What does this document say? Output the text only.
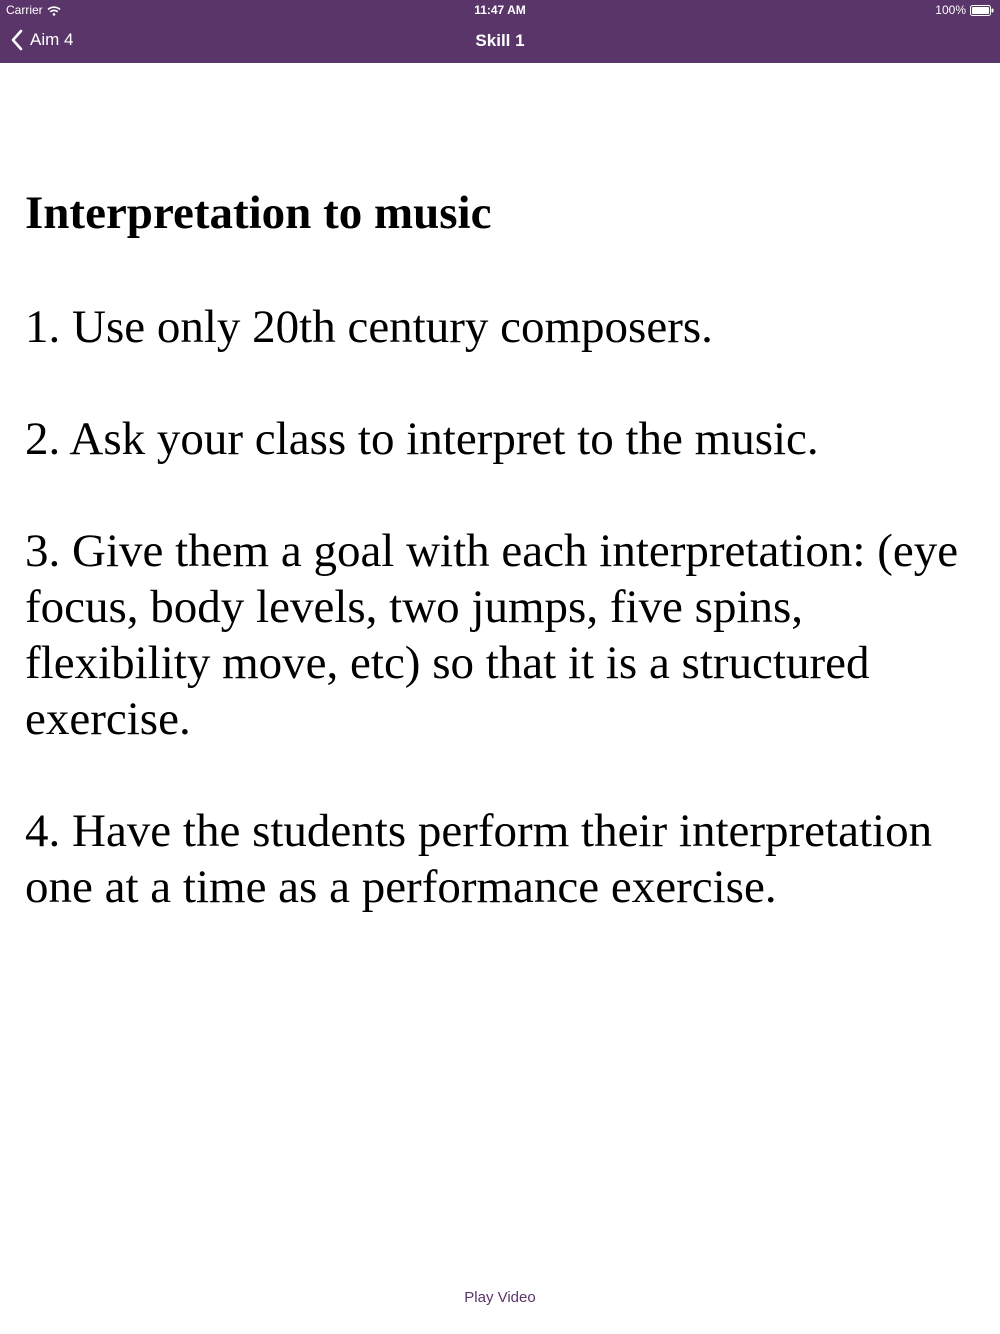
Carrier	11:47 AM	100%
Aim 4	Skill 1
Interpretation to music

1. Use only 20th century composers.

2. Ask your class to interpret to the music.

3. Give them a goal with each interpretation: (eye focus, body levels, two jumps, five spins, flexibility move, etc) so that it is a structured exercise.

4. Have the students perform their interpretation one at a time as a performance exercise.

Play Video
